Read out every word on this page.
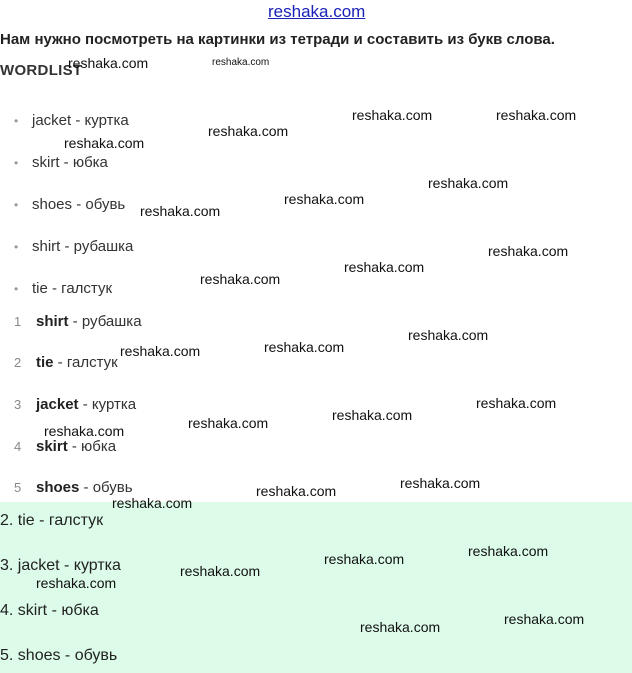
reshaka.com
Нам нужно посмотреть на картинки из тетради и составить из букв слова.
WORDLIST
• jacket - куртка
• skirt - юбка
• shoes - обувь
• shirt - рубашка
• tie - галстук
1 shirt - рубашка
2 tie - галстук
3 jacket - куртка
4 skirt - юбка
5 shoes - обувь
2. tie - галстук
3. jacket - куртка
4. skirt - юбка
5. shoes - обувь
reshaka.com	reshaka.com
reshaka.com	reshaka.com
reshaka.com
reshaka.com
reshaka.com
reshaka.com
reshaka.com
reshaka.com
reshaka.com
reshaka.com
reshaka.com
reshaka.com
reshaka.com
reshaka.com
reshaka.com
reshaka.com
reshaka.com
reshaka.com
reshaka.com
reshaka.com
reshaka.com
reshaka.com
reshaka.com
reshaka.com
reshaka.com
reshaka.com
